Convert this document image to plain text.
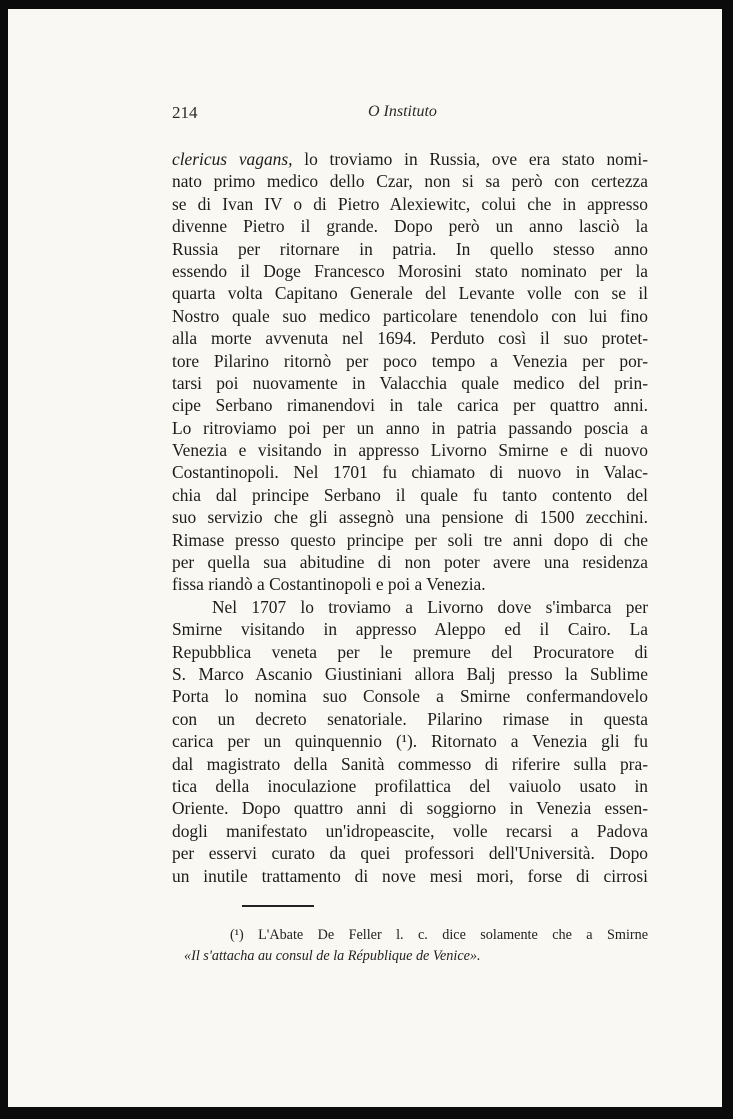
214	O Instituto
clericus vagans, lo troviamo in Russia, ove era stato nomi-
nato primo medico dello Czar, non si sa però con certezza
se di Ivan IV o di Pietro Alexiewitc, colui che in appresso
divenne Pietro il grande. Dopo però un anno lasciò la
Russia per ritornare in patria. In quello stesso anno
essendo il Doge Francesco Morosini stato nominato per la
quarta volta Capitano Generale del Levante volle con se il
Nostro quale suo medico particolare tenendolo con lui fino
alla morte avvenuta nel 1694. Perduto così il suo protet-
tore Pilarino ritornò per poco tempo a Venezia per por-
tarsi poi nuovamente in Valacchia quale medico del prin-
cipe Serbano rimanendovi in tale carica per quattro anni.
Lo ritroviamo poi per un anno in patria passando poscia a
Venezia e visitando in appresso Livorno Smirne e di nuovo
Costantinopoli. Nel 1701 fu chiamato di nuovo in Valac-
chia dal principe Serbano il quale fu tanto contento del
suo servizio che gli assegnò una pensione di 1500 zecchini.
Rimase presso questo principe per soli tre anni dopo di che
per quella sua abitudine di non poter avere una residenza
fissa riandò a Costantinopoli e poi a Venezia.
Nel 1707 lo troviamo a Livorno dove s'imbarca per
Smirne visitando in appresso Aleppo ed il Cairo. La
Repubblica veneta per le premure del Procuratore di
S. Marco Ascanio Giustiniani allora Balj presso la Sublime
Porta lo nomina suo Console a Smirne confermandovelo
con un decreto senatoriale. Pilarino rimase in questa
carica per un quinquennio (¹). Ritornato a Venezia gli fu
dal magistrato della Sanità commesso di riferire sulla pra-
tica della inoculazione profilattica del vaiuolo usato in
Oriente. Dopo quattro anni di soggiorno in Venezia essen-
dogli manifestato un'idropeascite, volle recarsi a Padova
per esservi curato da quei professori dell'Università. Dopo
un inutile trattamento di nove mesi mori, forse di cirrosi
(¹) L'Abate De Feller l. c. dice solamente che a Smirne
«Il s'attacha au consul de la République de Venice».
